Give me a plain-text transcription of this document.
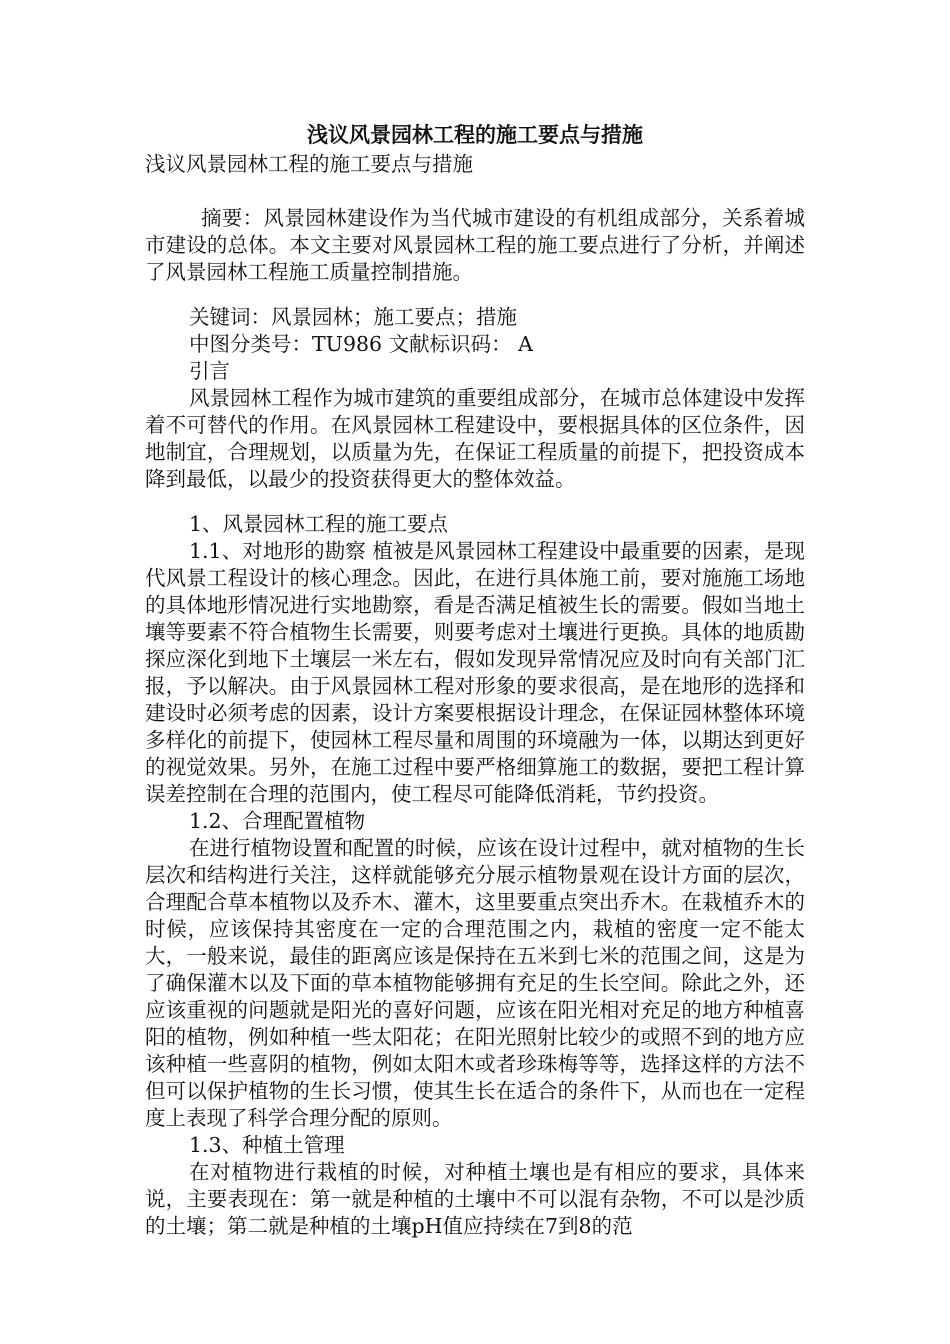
浅议风景园林工程的施工要点与措施

浅议风景园林工程的施工要点与措施

摘要：风景园林建设作为当代城市建设的有机组成部分，关系着城市建设的总体。本文主要对风景园林工程的施工要点进行了分析，并阐述了风景园林工程施工质量控制措施。

关键词：风景园林；施工要点；措施

中图分类号：TU986 文献标识码： A

引言

风景园林工程作为城市建筑的重要组成部分，在城市总体建设中发挥着不可替代的作用。在风景园林工程建设中，要根据具体的区位条件，因地制宜，合理规划，以质量为先，在保证工程质量的前提下，把投资成本降到最低，以最少的投资获得更大的整体效益。

1、风景园林工程的施工要点

1.1、对地形的勘察 植被是风景园林工程建设中最重要的因素，是现代风景工程设计的核心理念。因此，在进行具体施工前，要对施施工场地的具体地形情况进行实地勘察，看是否满足植被生长的需要。假如当地土壤等要素不符合植物生长需要，则要考虑对土壤进行更换。具体的地质勘探应深化到地下土壤层一米左右，假如发现异常情况应及时向有关部门汇报，予以解决。由于风景园林工程对形象的要求很高，是在地形的选择和建设时必须考虑的因素，设计方案要根据设计理念，在保证园林整体环境多样化的前提下，使园林工程尽量和周围的环境融为一体，以期达到更好的视觉效果。另外，在施工过程中要严格细算施工的数据，要把工程计算误差控制在合理的范围内，使工程尽可能降低消耗，节约投资。

1.2、合理配置植物

在进行植物设置和配置的时候，应该在设计过程中，就对植物的生长层次和结构进行关注，这样就能够充分展示植物景观在设计方面的层次，合理配合草本植物以及乔木、灌木，这里要重点突出乔木。在栽植乔木的时候，应该保持其密度在一定的合理范围之内，栽植的密度一定不能太大，一般来说，最佳的距离应该是保持在五米到七米的范围之间，这是为了确保灌木以及下面的草本植物能够拥有充足的生长空间。除此之外，还应该重视的问题就是阳光的喜好问题，应该在阳光相对充足的地方种植喜阳的植物，例如种植一些太阳花；在阳光照射比较少的或照不到的地方应该种植一些喜阴的植物，例如太阳木或者珍珠梅等等，选择这样的方法不但可以保护植物的生长习惯，使其生长在适合的条件下，从而也在一定程度上表现了科学合理分配的原则。

1.3、种植土管理

在对植物进行栽植的时候，对种植土壤也是有相应的要求，具体来说，主要表现在：第一就是种植的土壤中不可以混有杂物，不可以是沙质的土壤；第二就是种植的土壤pH值应持续在7到8的范
